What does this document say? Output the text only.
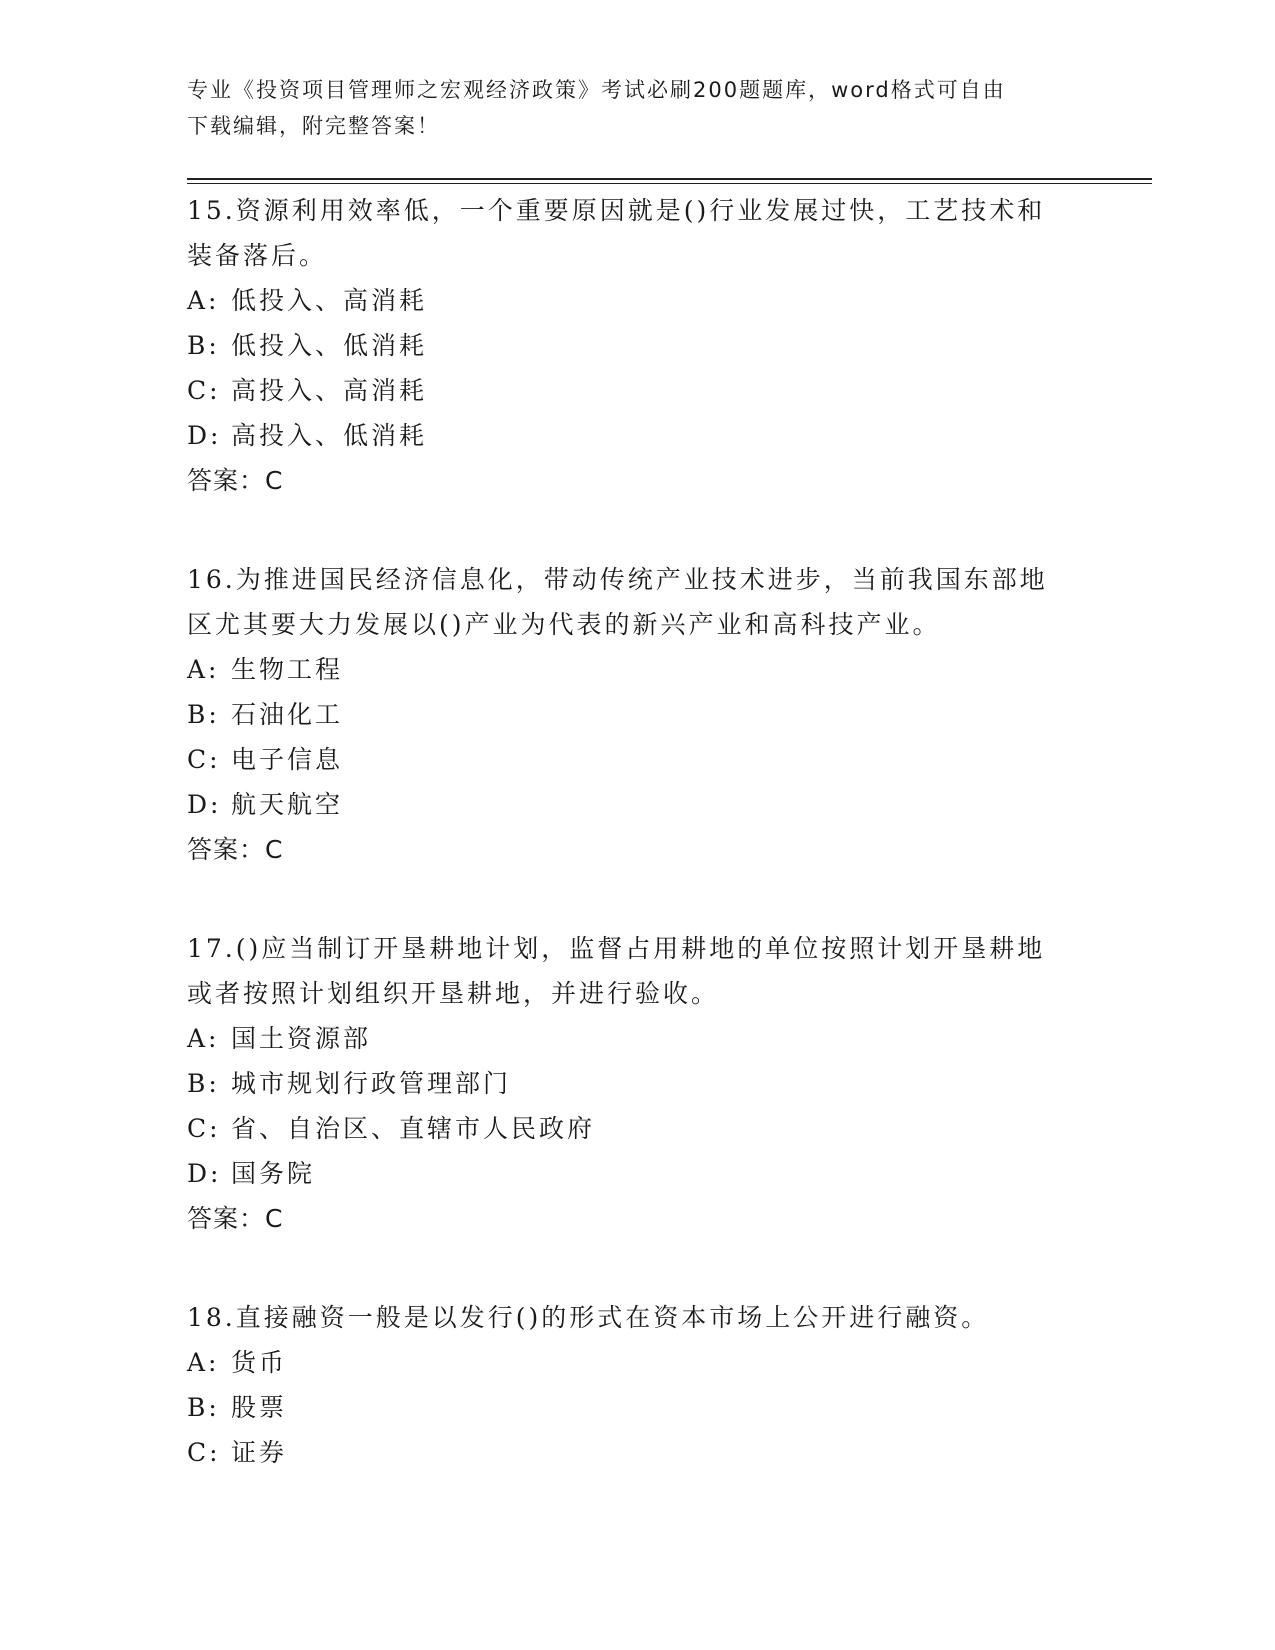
专业《投资项目管理师之宏观经济政策》考试必刷200题题库，word格式可自由
下载编辑，附完整答案！
15.资源利用效率低，一个重要原因就是()行业发展过快，工艺技术和
装备落后。
A: 低投入、高消耗
B: 低投入、低消耗
C: 高投入、高消耗
D: 高投入、低消耗
答案：C
16.为推进国民经济信息化，带动传统产业技术进步，当前我国东部地
区尤其要大力发展以()产业为代表的新兴产业和高科技产业。
A: 生物工程
B: 石油化工
C: 电子信息
D: 航天航空
答案：C
17.()应当制订开垦耕地计划，监督占用耕地的单位按照计划开垦耕地
或者按照计划组织开垦耕地，并进行验收。
A: 国土资源部
B: 城市规划行政管理部门
C: 省、自治区、直辖市人民政府
D: 国务院
答案：C
18.直接融资一般是以发行()的形式在资本市场上公开进行融资。
A: 货币
B: 股票
C: 证券
